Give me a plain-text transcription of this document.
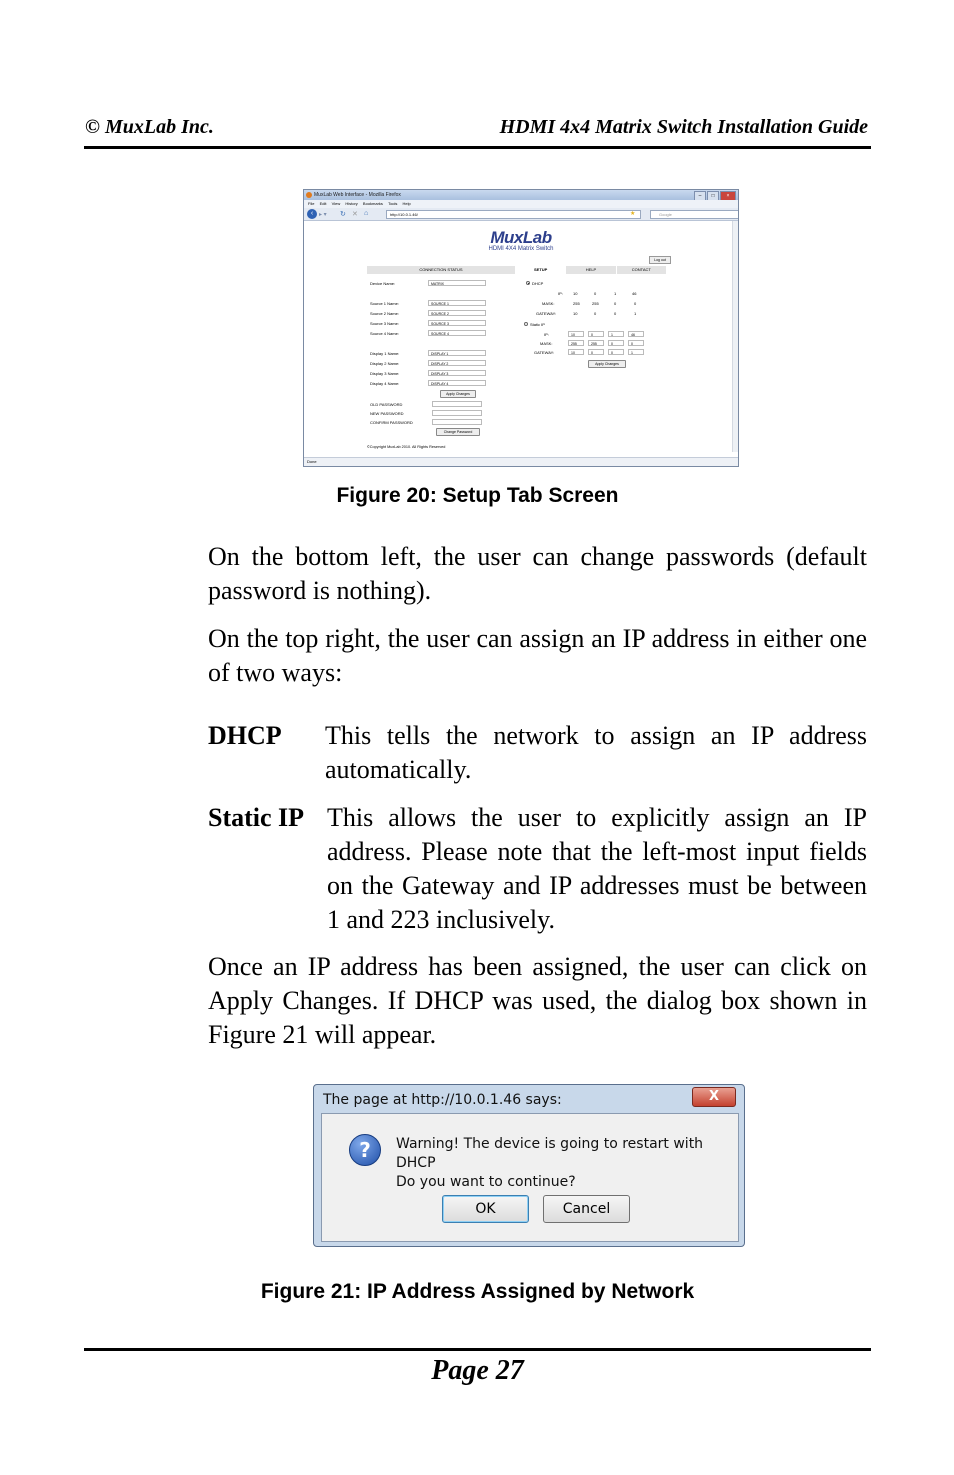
© MuxLab Inc.	HDMI 4x4 Matrix Switch Installation Guide
MuxLab Web Interface - Mozilla Firefox	–	□	×
File Edit View History Bookmarks Tools Help
‹ ▸ ▾ ↻ ✕ ⌂	http://10.0.1.46/	★	Google
MuxLab
HDMI 4X4 Matrix Switch
Log out
CONNECTION STATUS	SETUP	HELP	CONTACT
Device Name:	MATRIX
Source 1 Name:	SOURCE 1
Source 2 Name:	SOURCE 2
Source 3 Name:	SOURCE 3
Source 4 Name:	SOURCE 4
Display 1 Name:	DISPLAY 1
Display 2 Name:	DISPLAY 2
Display 3 Name:	DISPLAY 3
Display 4 Name:	DISPLAY 4
Apply Changes
OLD PASSWORD
NEW PASSWORD
CONFIRM PASSWORD
Change Password
DHCP
IP:	10	0	1	46
MASK:	255	255	0	0
GATEWAY:	10	0	0	1
Static IP
IP:	10	0	1	46
MASK:	255	255	0	0
GATEWAY:	10	0	0	1
Apply Changes
©Copyright MuxLab 2010. All Rights Reserved
Done
Figure 20: Setup Tab Screen
On the bottom left, the user can change passwords (default password is nothing).
On the top right, the user can assign an IP address in either one of two ways:
DHCP This tells the network to assign an IP address automatically.
Static IP This allows the user to explicitly assign an IP address. Please note that the left-most input fields on the Gateway and IP addresses must be between 1 and 223 inclusively.
Once an IP address has been assigned, the user can click on Apply Changes. If DHCP was used, the dialog box shown in Figure 21 will appear.
The page at http://10.0.1.46 says:	X
?	Warning! The device is going to restart with DHCP
Do you want to continue?
OK	Cancel
Figure 21: IP Address Assigned by Network
Page 27
